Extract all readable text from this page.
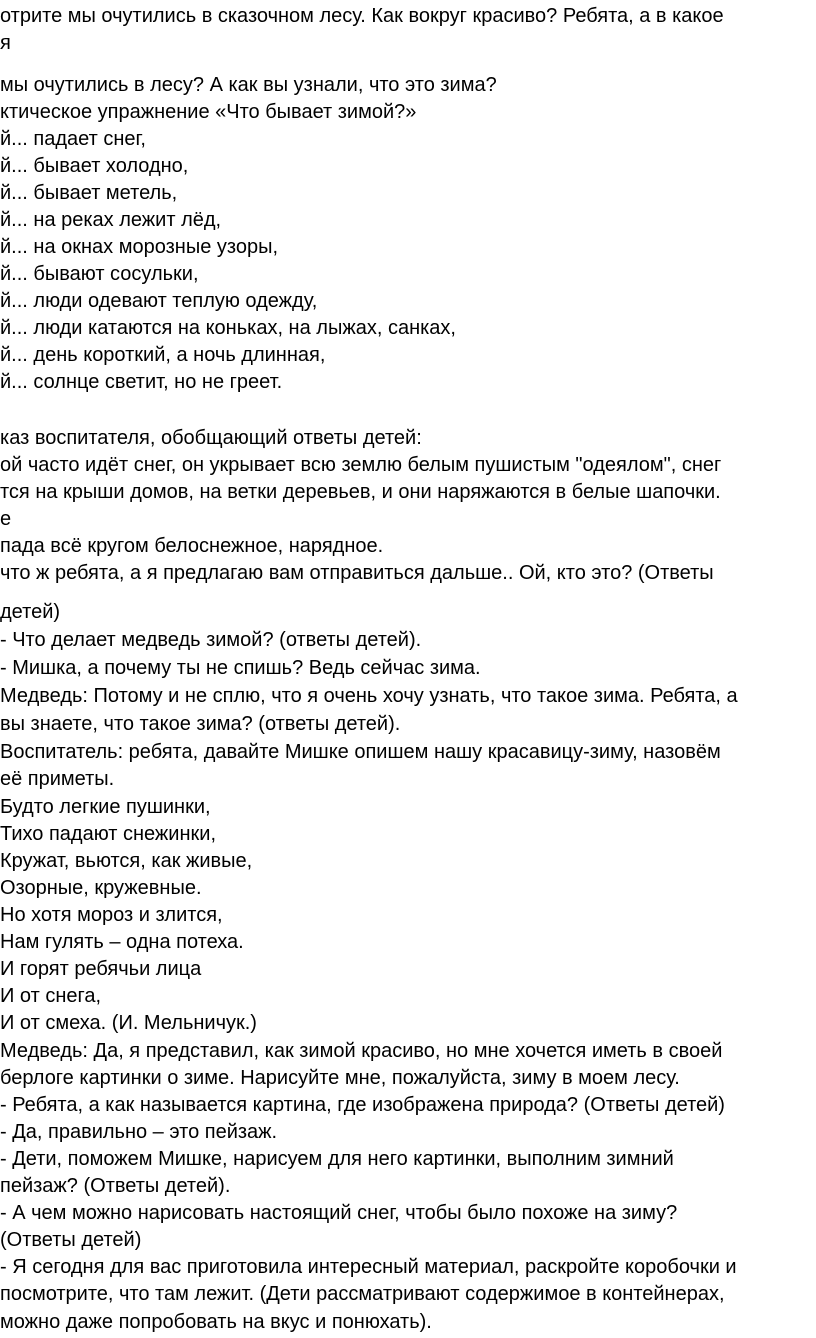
отрите мы очутились в сказочном лесу. Как вокруг красиво? Ребята, а в какое
я
мы очутились в лесу? А как вы узнали, что это зима?
ктическое упражнение «Что бывает зимой?»
й... падает снег,
й... бывает холодно,
й... бывает метель,
й... на реках лежит лёд,
й... на окнах морозные узоры,
й... бывают сосульки,
й... люди одевают теплую одежду,
й... люди катаются на коньках, на лыжах, санках,
й... день короткий, а ночь длинная,
й... солнце светит, но не греет.
каз воспитателя, обобщающий ответы детей:
ой часто идёт снег, он укрывает всю землю белым пушистым "одеялом", снег
тся на крыши домов, на ветки деревьев, и они наряжаются в белые шапочки.
е
пада всё кругом белоснежное, нарядное.
что ж ребята, а я предлагаю вам отправиться дальше.. Ой, кто это? (Ответы
детей)
- Что делает медведь зимой? (ответы детей).
- Мишка, а почему ты не спишь? Ведь сейчас зима.
Медведь: Потому и не сплю, что я очень хочу узнать, что такое зима. Ребята, а
вы знаете, что такое зима? (ответы детей).
Воспитатель: ребята, давайте Мишке опишем нашу красавицу-зиму, назовём
её приметы.
Будто легкие пушинки,
Тихо падают снежинки,
Кружат, вьются, как живые,
Озорные, кружевные.
Но хотя мороз и злится,
Нам гулять – одна потеха.
И горят ребячьи лица
И от снега,
И от смеха. (И. Мельничук.)
Медведь: Да, я представил, как зимой красиво, но мне хочется иметь в своей
берлоге картинки о зиме. Нарисуйте мне, пожалуйста, зиму в моем лесу.
- Ребята, а как называется картина, где изображена природа? (Ответы детей)
- Да, правильно – это пейзаж.
- Дети, поможем Мишке, нарисуем для него картинки, выполним зимний
пейзаж? (Ответы детей).
- А чем можно нарисовать настоящий снег, чтобы было похоже на зиму?
(Ответы детей)
- Я сегодня для вас приготовила интересный материал, раскройте коробочки и
посмотрите, что там лежит. (Дети рассматривают содержимое в контейнерах,
можно даже попробовать на вкус и понюхать).
